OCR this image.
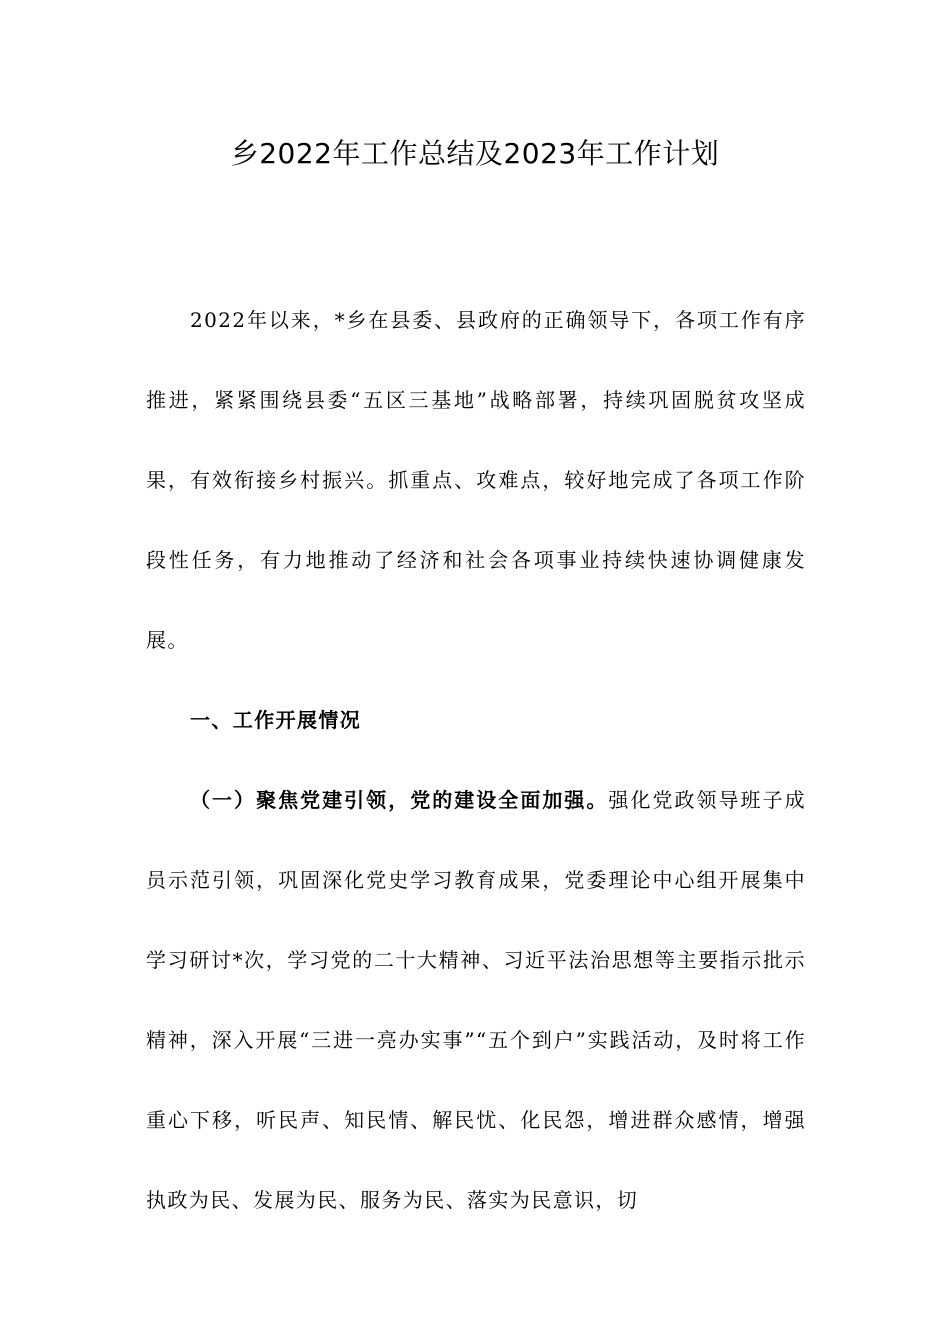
乡2022年工作总结及2023年工作计划

2022年以来，*乡在县委、县政府的正确领导下，各项工作有序推进，紧紧围绕县委“五区三基地”战略部署，持续巩固脱贫攻坚成果，有效衔接乡村振兴。抓重点、攻难点，较好地完成了各项工作阶段性任务，有力地推动了经济和社会各项事业持续快速协调健康发展。

一、工作开展情况

（一）聚焦党建引领，党的建设全面加强。强化党政领导班子成员示范引领，巩固深化党史学习教育成果，党委理论中心组开展集中学习研讨*次，学习党的二十大精神、习近平法治思想等主要指示批示精神，深入开展“三进一亮办实事”“五个到户”实践活动，及时将工作重心下移，听民声、知民情、解民忧、化民怨，增进群众感情，增强执政为民、发展为民、服务为民、落实为民意识，切
